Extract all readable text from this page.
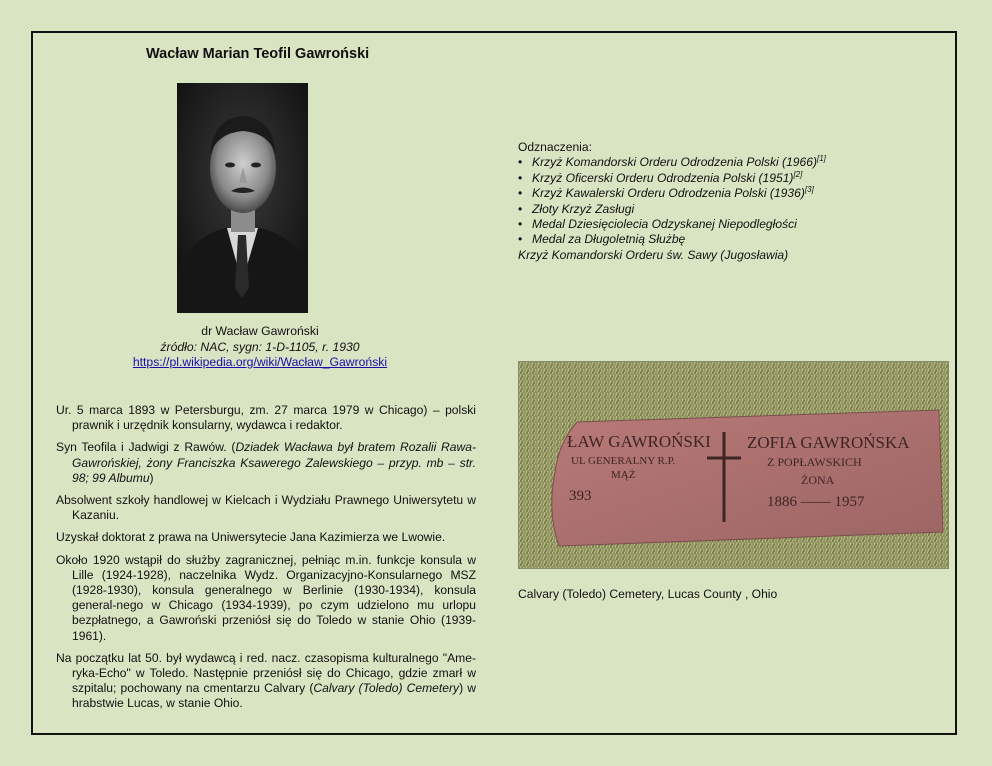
Wacław Marian Teofil Gawroński
dr Wacław Gawroński
źródło: NAC, sygn: 1-D-1105, r. 1930
https://pl.wikipedia.org/wiki/Wacław_Gawroński

Ur. 5 marca 1893 w Petersburgu, zm. 27 marca 1979 w Chicago) – polski prawnik i urzędnik konsularny, wydawca i redaktor.

Syn Teofila i Jadwigi z Rawów. (Dziadek Wacława był bratem Rozalii Rawa-Gawrońskiej, żony Franciszka Ksawerego Zalewskiego – przyp. mb – str. 98; 99 Albumu)

Absolwent szkoły handlowej w Kielcach i Wydziału Prawnego Uniwersytetu w Kazaniu.

Uzyskał doktorat z prawa na Uniwersytecie Jana Kazimierza we Lwowie.

Około 1920 wstąpił do służby zagranicznej, pełniąc m.in. funkcje konsula w Lille (1924-1928), naczelnika Wydz. Organizacyjno-Konsularnego MSZ (1928-1930), konsula generalnego w Berlinie (1930-1934), konsula general-nego w Chicago (1934-1939), po czym udzielono mu urlopu bezpłatnego, a Gawroński przeniósł się do Toledo w stanie Ohio (1939-1961).

Na początku lat 50. był wydawcą i red. nacz. czasopisma kulturalnego "Ame-ryka-Echo" w Toledo. Następnie przeniósł się do Chicago, gdzie zmarł w szpitalu; pochowany na cmentarzu Calvary (Calvary (Toledo) Cemetery) w hrabstwie Lucas, w stanie Ohio.

Odznaczenia:
• Krzyż Komandorski Orderu Odrodzenia Polski (1966)[1]
• Krzyż Oficerski Orderu Odrodzenia Polski (1951)[2]
• Krzyż Kawalerski Orderu Odrodzenia Polski (1936)[3]
• Złoty Krzyż Zasługi
• Medal Dziesięciolecia Odzyskanej Niepodległości
• Medal za Długoletnią Służbę
Krzyż Komandorski Orderu św. Sawy (Jugosławia)
ŁAW GAWROŃSKI
UL GENERALNY R.P.
MĄŻ
393
ZOFIA GAWROŃSKA
Z POPŁAWSKICH
ŻONA
1886 —— 1957
Calvary (Toledo) Cemetery, Lucas County , Ohio
